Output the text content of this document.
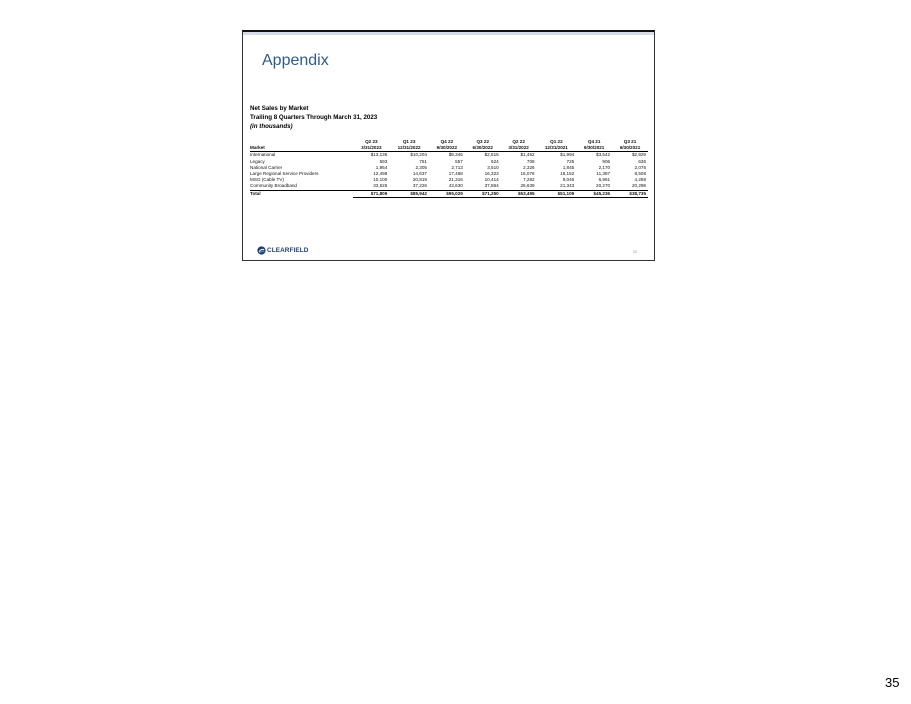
Appendix
Net Sales by Market
Trailing 8 Quarters Through March 31, 2023
(in thousands)
	Q2 23	Q1 23	Q4 22	Q3 22	Q2 22	Q1 22	Q4 21	Q3 21
Market	3/31/2023	12/31/2022	9/30/2022	6/30/2022	3/31/2022	12/31/2021	9/30/2021	6/30/2021
International	$13,136	$10,204	$9,345	$2,515	$1,462	$1,994	$3,542	$2,929
Legacy	593	751	557	624	708	725	906	636
National Carrier	1,954	2,305	2,713	3,510	2,326	1,845	2,170	2,076
Large Regional Service Providers	12,498	14,637	17,468	16,323	15,078	16,152	11,387	8,508
MSO (Cable TV)	10,100	20,819	21,316	10,414	7,282	9,046	6,961	4,288
Community Broadband	33,526	37,226	43,630	37,864	26,639	21,343	20,270	20,298
Total	$71,809	$85,942	$95,029	$71,250	$53,495	$51,109	$45,236	$38,735
CLEARFIELD	35
35
